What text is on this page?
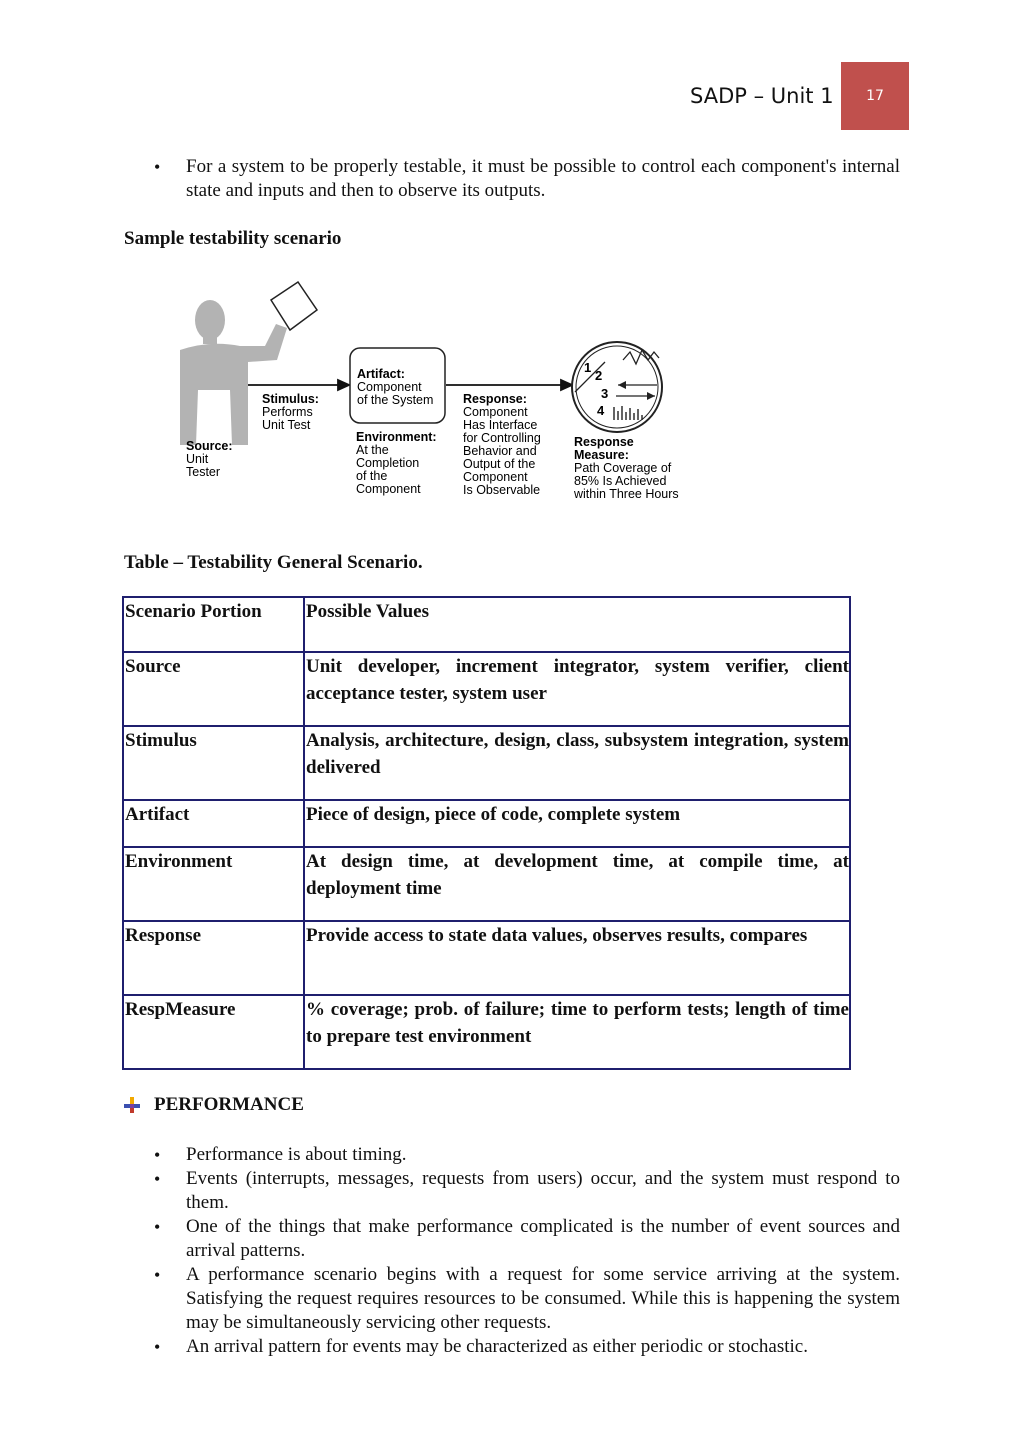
SADP – Unit 1	17
• For a system to be properly testable, it must be possible to control each component's internal state and inputs and then to observe its outputs.
Sample testability scenario
Artifact:
Component
of the System
Source:
Unit
Tester
Stimulus:
Performs
Unit Test
Environment:
At the
Completion
of the
Component
Response:
Component
Has Interface
for Controlling
Behavior and
Output of the
Component
Is Observable
1
2
3
4
Response
Measure:
Path Coverage of
85% Is Achieved
within Three Hours
Table – Testability General Scenario.
Scenario Portion	Possible Values
Source	Unit developer, increment integrator, system verifier, client acceptance tester, system user
Stimulus	Analysis, architecture, design, class, subsystem integration, system delivered
Artifact	Piece of design, piece of code, complete system
Environment	At design time, at development time, at compile time, at deployment time
Response	Provide access to state data values, observes results, compares
RespMeasure	% coverage; prob. of failure; time to perform tests; length of time to prepare test environment
PERFORMANCE
• Performance is about timing.
• Events (interrupts, messages, requests from users) occur, and the system must respond to them.
• One of the things that make performance complicated is the number of event sources and arrival patterns.
• A performance scenario begins with a request for some service arriving at the system. Satisfying the request requires resources to be consumed. While this is happening the system may be simultaneously servicing other requests.
• An arrival pattern for events may be characterized as either periodic or stochastic.
